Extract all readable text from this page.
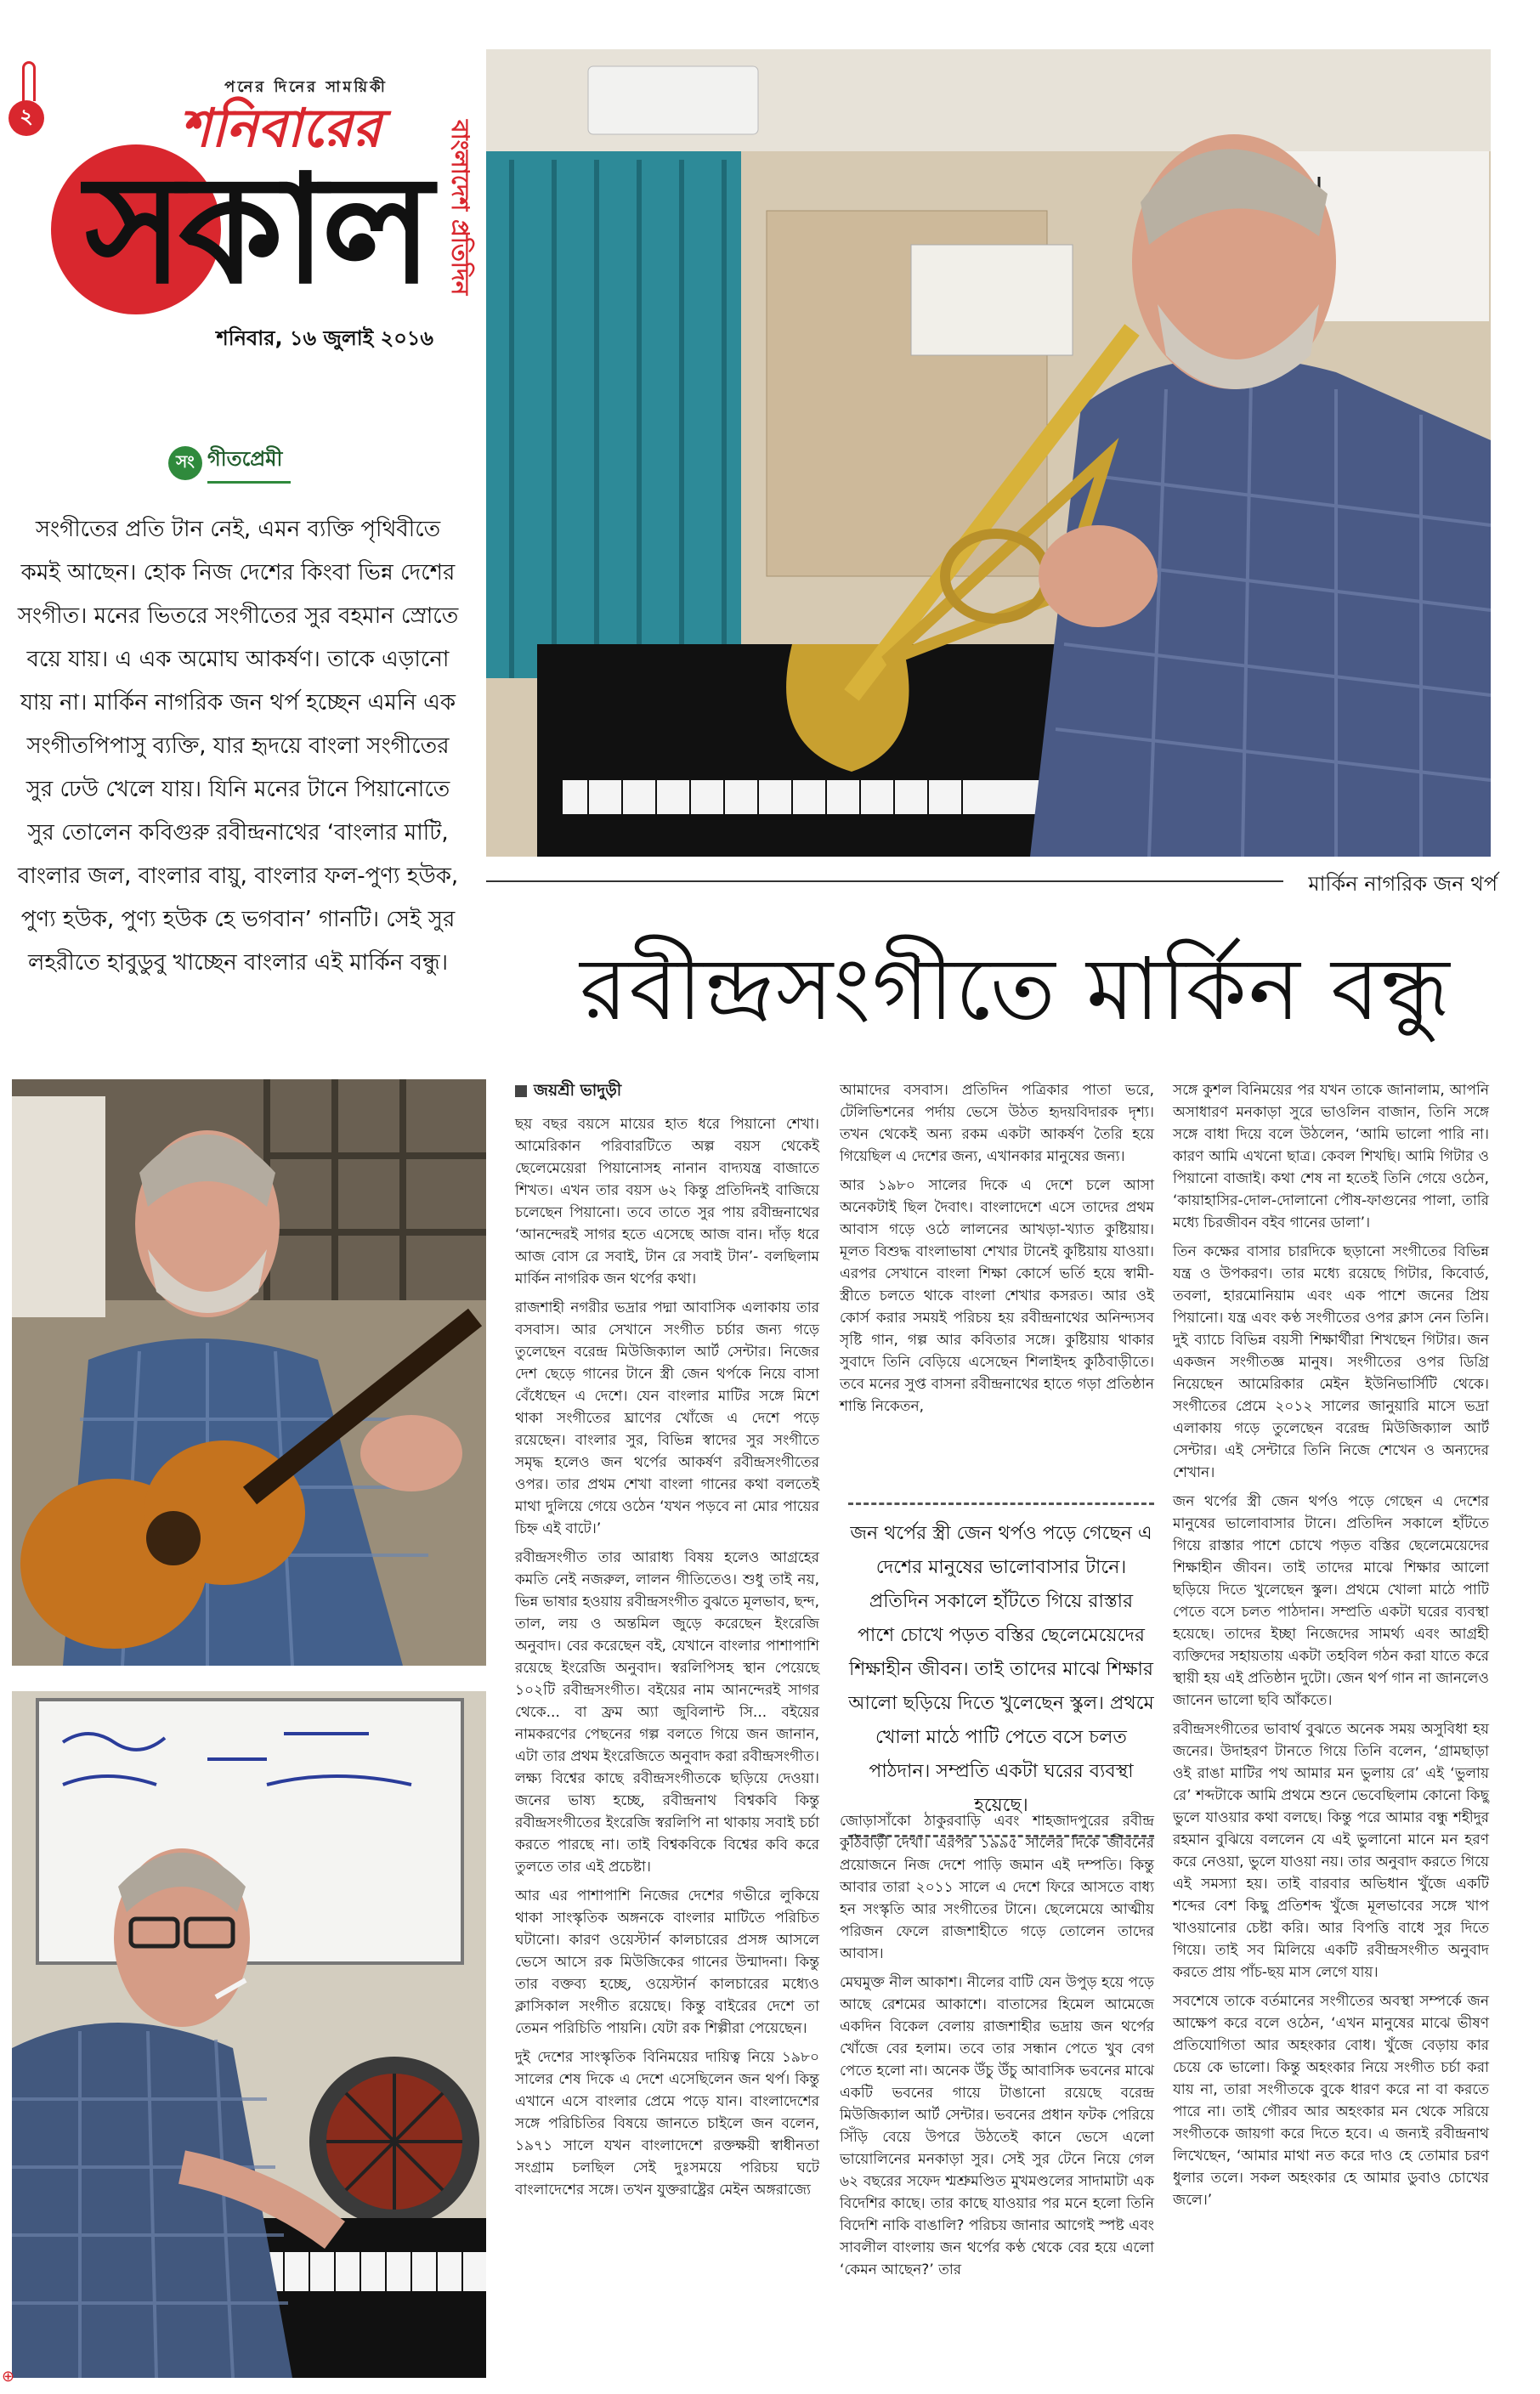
২
পনের দিনের সাময়িকী
শনিবারের
সকাল বাংলাদেশ প্রতিদিন
শনিবার, ১৬ জুলাই ২০১৬
সং গীতপ্রেমী
সংগীতের প্রতি টান নেই, এমন ব্যক্তি পৃথিবীতে কমই আছেন। হোক নিজ দেশের কিংবা ভিন্ন দেশের সংগীত। মনের ভিতরে সংগীতের সুর বহমান স্রোতে বয়ে যায়। এ এক অমোঘ আকর্ষণ। তাকে এড়ানো যায় না। মার্কিন নাগরিক জন থর্প হচ্ছেন এমনি এক সংগীতপিপাসু ব্যক্তি, যার হৃদয়ে বাংলা সংগীতের সুর ঢেউ খেলে যায়। যিনি মনের টানে পিয়ানোতে সুর তোলেন কবিগুরু রবীন্দ্রনাথের ‘বাংলার মাটি, বাংলার জল, বাংলার বায়ু, বাংলার ফল-পুণ্য হউক, পুণ্য হউক, পুণ্য হউক হে ভগবান’ গানটি। সেই সুর লহরীতে হাবুডুবু খাচ্ছেন বাংলার এই মার্কিন বন্ধু।
মার্কিন নাগরিক জন থর্প
রবীন্দ্রসংগীতে মার্কিন বন্ধু

জয়শ্রী ভাদুড়ী

ছয় বছর বয়সে মায়ের হাত ধরে পিয়ানো শেখা। আমেরিকান পরিবারটিতে অল্প বয়স থেকেই ছেলেমেয়েরা পিয়ানোসহ নানান বাদ্যযন্ত্র বাজাতে শিখত। এখন তার বয়স ৬২ কিন্তু প্রতিদিনই বাজিয়ে চলেছেন পিয়ানো। তবে তাতে সুর পায় রবীন্দ্রনাথের ‘আনন্দেরই সাগর হতে এসেছে আজ বান। দাঁড় ধরে আজ বোস রে সবাই, টান রে সবাই টান’- বলছিলাম মার্কিন নাগরিক জন থর্পের কথা।

রাজশাহী নগরীর ভদ্রার পদ্মা আবাসিক এলাকায় তার বসবাস। আর সেখানে সংগীত চর্চার জন্য গড়ে তুলেছেন বরেন্দ্র মিউজিক্যাল আর্ট সেন্টার। নিজের দেশ ছেড়ে গানের টানে স্ত্রী জেন থর্পকে নিয়ে বাসা বেঁধেছেন এ দেশে। যেন বাংলার মাটির সঙ্গে মিশে থাকা সংগীতের ঘ্রাণের খোঁজে এ দেশে পড়ে রয়েছেন। বাংলার সুর, বিভিন্ন স্বাদের সুর সংগীতে সমৃদ্ধ হলেও জন থর্পের আকর্ষণ রবীন্দ্রসংগীতের ওপর। তার প্রথম শেখা বাংলা গানের কথা বলতেই মাথা দুলিয়ে গেয়ে ওঠেন ‘যখন পড়বে না মোর পায়ের চিহ্ন এই বাটে।’

রবীন্দ্রসংগীত তার আরাধ্য বিষয় হলেও আগ্রহের কমতি নেই নজরুল, লালন গীতিতেও। শুধু তাই নয়, ভিন্ন ভাষার হওয়ায় রবীন্দ্রসংগীত বুঝতে মূলভাব, ছন্দ, তাল, লয় ও অন্তমিল জুড়ে করেছেন ইংরেজি অনুবাদ। বের করেছেন বই, যেখানে বাংলার পাশাপাশি রয়েছে ইংরেজি অনুবাদ। স্বরলিপিসহ স্থান পেয়েছে ১০২টি রবীন্দ্রসংগীত। বইয়ের নাম আনন্দেরই সাগর থেকে... বা ফ্রম অ্যা জুবিলান্ট সি... বইয়ের নামকরণের পেছনের গল্প বলতে গিয়ে জন জানান, এটা তার প্রথম ইংরেজিতে অনুবাদ করা রবীন্দ্রসংগীত। লক্ষ্য বিশ্বের কাছে রবীন্দ্রসংগীতকে ছড়িয়ে দেওয়া। জনের ভাষ্য হচ্ছে, রবীন্দ্রনাথ বিশ্বকবি কিন্তু রবীন্দ্রসংগীতের ইংরেজি স্বরলিপি না থাকায় সবাই চর্চা করতে পারছে না। তাই বিশ্বকবিকে বিশ্বের কবি করে তুলতে তার এই প্রচেষ্টা।

আর এর পাশাপাশি নিজের দেশের গভীরে লুকিয়ে থাকা সাংস্কৃতিক অঙ্গনকে বাংলার মাটিতে পরিচিত ঘটানো। কারণ ওয়েস্টার্ন কালচারের প্রসঙ্গ আসলে ভেসে আসে রক মিউজিকের গানের উন্মাদনা। কিন্তু তার বক্তব্য হচ্ছে, ওয়েস্টার্ন কালচারের মধ্যেও ক্লাসিকাল সংগীত রয়েছে। কিন্তু বাইরের দেশে তা তেমন পরিচিতি পায়নি। যেটা রক শিল্পীরা পেয়েছেন।

দুই দেশের সাংস্কৃতিক বিনিময়ের দায়িত্ব নিয়ে ১৯৮০ সালের শেষ দিকে এ দেশে এসেছিলেন জন থর্প। কিন্তু এখানে এসে বাংলার প্রেমে পড়ে যান। বাংলাদেশের সঙ্গে পরিচিতির বিষয়ে জানতে চাইলে জন বলেন, ১৯৭১ সালে যখন বাংলাদেশে রক্তক্ষয়ী স্বাধীনতা সংগ্রাম চলছিল সেই দুঃসময়ে পরিচয় ঘটে বাংলাদেশের সঙ্গে। তখন যুক্তরাষ্ট্রের মেইন অঙ্গরাজ্যে

আমাদের বসবাস। প্রতিদিন পত্রিকার পাতা ভরে, টেলিভিশনের পর্দায় ভেসে উঠত হৃদয়বিদারক দৃশ্য। তখন থেকেই অন্য রকম একটা আকর্ষণ তৈরি হয়ে গিয়েছিল এ দেশের জন্য, এখানকার মানুষের জন্য।

আর ১৯৮০ সালের দিকে এ দেশে চলে আসা অনেকটাই ছিল দৈবাৎ। বাংলাদেশে এসে তাদের প্রথম আবাস গড়ে ওঠে লালনের আখড়া-খ্যাত কুষ্টিয়ায়। মূলত বিশুদ্ধ বাংলাভাষা শেখার টানেই কুষ্টিয়ায় যাওয়া। এরপর সেখানে বাংলা শিক্ষা কোর্সে ভর্তি হয়ে স্বামী-স্ত্রীতে চলতে থাকে বাংলা শেখার কসরত। আর ওই কোর্স করার সময়ই পরিচয় হয় রবীন্দ্রনাথের অনিন্দ্যসব সৃষ্টি গান, গল্প আর কবিতার সঙ্গে। কুষ্টিয়ায় থাকার সুবাদে তিনি বেড়িয়ে এসেছেন শিলাইদহ কুঠিবাড়ীতে। তবে মনের সুপ্ত বাসনা রবীন্দ্রনাথের হাতে গড়া প্রতিষ্ঠান শান্তি নিকেতন,

জন থর্পের স্ত্রী জেন থর্পও পড়ে গেছেন এ দেশের মানুষের ভালোবাসার টানে। প্রতিদিন সকালে হাঁটতে গিয়ে রাস্তার পাশে চোখে পড়ত বস্তির ছেলেমেয়েদের শিক্ষাহীন জীবন। তাই তাদের মাঝে শিক্ষার আলো ছড়িয়ে দিতে খুলেছেন স্কুল। প্রথমে খোলা মাঠে পাটি পেতে বসে চলত পাঠদান। সম্প্রতি একটা ঘরের ব্যবস্থা হয়েছে।

জোড়াসাঁকো ঠাকুরবাড়ি এবং শাহজাদপুরের রবীন্দ্র কুঠিবাড়ী দেখা। এরপর ১৯৯৫ সালের দিকে জীবনের প্রয়োজনে নিজ দেশে পাড়ি জমান এই দম্পতি। কিন্তু আবার তারা ২০১১ সালে এ দেশে ফিরে আসতে বাধ্য হন সংস্কৃতি আর সংগীতের টানে। ছেলেমেয়ে আত্মীয় পরিজন ফেলে রাজশাহীতে গড়ে তোলেন তাদের আবাস।

মেঘমুক্ত নীল আকাশ। নীলের বাটি যেন উপুড় হয়ে পড়ে আছে রেশমের আকাশে। বাতাসের হিমেল আমেজে একদিন বিকেল বেলায় রাজশাহীর ভদ্রায় জন থর্পের খোঁজে বের হলাম। তবে তার সন্ধান পেতে খুব বেগ পেতে হলো না। অনেক উঁচু উঁচু আবাসিক ভবনের মাঝে একটি ভবনের গায়ে টাঙানো রয়েছে বরেন্দ্র মিউজিক্যাল আর্ট সেন্টার। ভবনের প্রধান ফটক পেরিয়ে সিঁড়ি বেয়ে উপরে উঠতেই কানে ভেসে এলো ভায়োলিনের মনকাড়া সুর। সেই সুর টেনে নিয়ে গেল ৬২ বছরের সফেদ শ্মশ্রুমণ্ডিত মুখমণ্ডলের সাদামাটা এক বিদেশির কাছে। তার কাছে যাওয়ার পর মনে হলো তিনি বিদেশি নাকি বাঙালি? পরিচয় জানার আগেই স্পষ্ট এবং সাবলীল বাংলায় জন থর্পের কণ্ঠ থেকে বের হয়ে এলো ‘কেমন আছেন?’ তার

সঙ্গে কুশল বিনিময়ের পর যখন তাকে জানালাম, আপনি অসাধারণ মনকাড়া সুরে ভাওলিন বাজান, তিনি সঙ্গে সঙ্গে বাধা দিয়ে বলে উঠলেন, ‘আমি ভালো পারি না। কারণ আমি এখনো ছাত্র। কেবল শিখছি। আমি গিটার ও পিয়ানো বাজাই। কথা শেষ না হতেই তিনি গেয়ে ওঠেন, ‘কায়াহাসির-দোল-দোলানো পৌষ-ফাগুনের পালা, তারি মধ্যে চিরজীবন বইব গানের ডালা’।

তিন কক্ষের বাসার চারদিকে ছড়ানো সংগীতের বিভিন্ন যন্ত্র ও উপকরণ। তার মধ্যে রয়েছে গিটার, কিবোর্ড, তবলা, হারমোনিয়াম এবং এক পাশে জনের প্রিয় পিয়ানো। যন্ত্র এবং কণ্ঠ সংগীতের ওপর ক্লাস নেন তিনি। দুই ব্যাচে বিভিন্ন বয়সী শিক্ষার্থীরা শিখছেন গিটার। জন একজন সংগীতজ্ঞ মানুষ। সংগীতের ওপর ডিগ্রি নিয়েছেন আমেরিকার মেইন ইউনিভার্সিটি থেকে। সংগীতের প্রেমে ২০১২ সালের জানুয়ারি মাসে ভদ্রা এলাকায় গড়ে তুলেছেন বরেন্দ্র মিউজিক্যাল আর্ট সেন্টার। এই সেন্টারে তিনি নিজে শেখেন ও অন্যদের শেখান।

জন থর্পের স্ত্রী জেন থর্পও পড়ে গেছেন এ দেশের মানুষের ভালোবাসার টানে। প্রতিদিন সকালে হাঁটতে গিয়ে রাস্তার পাশে চোখে পড়ত বস্তির ছেলেমেয়েদের শিক্ষাহীন জীবন। তাই তাদের মাঝে শিক্ষার আলো ছড়িয়ে দিতে খুলেছেন স্কুল। প্রথমে খোলা মাঠে পাটি পেতে বসে চলত পাঠদান। সম্প্রতি একটা ঘরের ব্যবস্থা হয়েছে। তাদের ইচ্ছা নিজেদের সামর্থ্য এবং আগ্রহী ব্যক্তিদের সহায়তায় একটা তহবিল গঠন করা যাতে করে স্থায়ী হয় এই প্রতিষ্ঠান দুটো। জেন থর্প গান না জানলেও জানেন ভালো ছবি আঁকতে।

রবীন্দ্রসংগীতের ভাবার্থ বুঝতে অনেক সময় অসুবিধা হয় জনের। উদাহরণ টানতে গিয়ে তিনি বলেন, ‘গ্রামছাড়া ওই রাঙা মাটির পথ আমার মন ভুলায় রে’ এই ‘ভুলায় রে’ শব্দটাকে আমি প্রথমে শুনে ভেবেছিলাম কোনো কিছু ভুলে যাওয়ার কথা বলছে। কিন্তু পরে আমার বন্ধু শহীদুর রহমান বুঝিয়ে বললেন যে এই ভুলানো মানে মন হরণ করে নেওয়া, ভুলে যাওয়া নয়। তার অনুবাদ করতে গিয়ে এই সমস্যা হয়। তাই বারবার অভিধান খুঁজে একটি শব্দের বেশ কিছু প্রতিশব্দ খুঁজে মূলভাবের সঙ্গে খাপ খাওয়ানোর চেষ্টা করি। আর বিপত্তি বাধে সুর দিতে গিয়ে। তাই সব মিলিয়ে একটি রবীন্দ্রসংগীত অনুবাদ করতে প্রায় পাঁচ-ছয় মাস লেগে যায়।

সবশেষে তাকে বর্তমানের সংগীতের অবস্থা সম্পর্কে জন আক্ষেপ করে বলে ওঠেন, ‘এখন মানুষের মাঝে ভীষণ প্রতিযোগিতা আর অহংকার বোধ। খুঁজে বেড়ায় কার চেয়ে কে ভালো। কিন্তু অহংকার নিয়ে সংগীত চর্চা করা যায় না, তারা সংগীতকে বুকে ধারণ করে না বা করতে পারে না। তাই গৌরব আর অহংকার মন থেকে সরিয়ে সংগীতকে জায়গা করে দিতে হবে। এ জন্যই রবীন্দ্রনাথ লিখেছেন, ‘আমার মাথা নত করে দাও হে তোমার চরণ ধুলার তলে। সকল অহংকার হে আমার ডুবাও চোখের জলে।’

⊕
